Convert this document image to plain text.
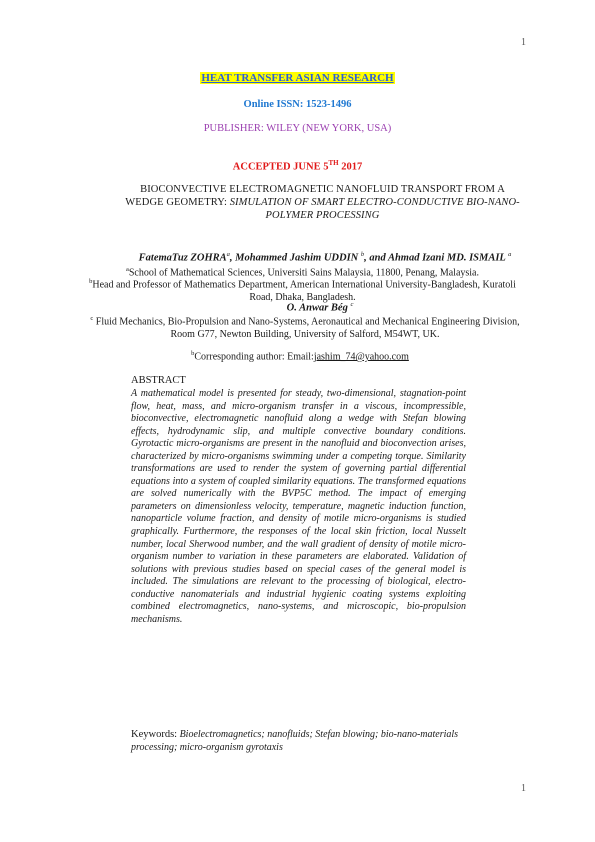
1
HEAT TRANSFER ASIAN RESEARCH
Online ISSN: 1523-1496
PUBLISHER: WILEY (NEW YORK, USA)
ACCEPTED JUNE 5TH 2017
BIOCONVECTIVE ELECTROMAGNETIC NANOFLUID TRANSPORT FROM A WEDGE GEOMETRY: SIMULATION OF SMART ELECTRO-CONDUCTIVE BIO-NANO-POLYMER PROCESSING
FatemaTuz ZOHRA$^a$, Mohammed Jashim UDDIN $^b$, and Ahmad Izani MD. ISMAIL $^a$
$^a$School of Mathematical Sciences, Universiti Sains Malaysia, 11800, Penang, Malaysia.
$^b$Head and Professor of Mathematics Department, American International University-Bangladesh, Kuratoli Road, Dhaka, Bangladesh.
O. Anwar Bég $^c$
$^c$ Fluid Mechanics, Bio-Propulsion and Nano-Systems, Aeronautical and Mechanical Engineering Division, Room G77, Newton Building, University of Salford, M54WT, UK.
$^b$Corresponding author: Email:jashim_74@yahoo.com
ABSTRACT
A mathematical model is presented for steady, two-dimensional, stagnation-point flow, heat, mass, and micro-organism transfer in a viscous, incompressible, bioconvective, electromagnetic nanofluid along a wedge with Stefan blowing effects, hydrodynamic slip, and multiple convective boundary conditions. Gyrotactic micro-organisms are present in the nanofluid and bioconvection arises, characterized by micro-organisms swimming under a competing torque. Similarity transformations are used to render the system of governing partial differential equations into a system of coupled similarity equations. The transformed equations are solved numerically with the BVP5C method. The impact of emerging parameters on dimensionless velocity, temperature, magnetic induction function, nanoparticle volume fraction, and density of motile micro-organisms is studied graphically. Furthermore, the responses of the local skin friction, local Nusselt number, local Sherwood number, and the wall gradient of density of motile micro-organism number to variation in these parameters are elaborated. Validation of solutions with previous studies based on special cases of the general model is included. The simulations are relevant to the processing of biological, electro-conductive nanomaterials and industrial hygienic coating systems exploiting combined electromagnetics, nano-systems, and microscopic, bio-propulsion mechanisms.
Keywords: Bioelectromagnetics; nanofluids; Stefan blowing; bio-nano-materials processing; micro-organism gyrotaxis
1
